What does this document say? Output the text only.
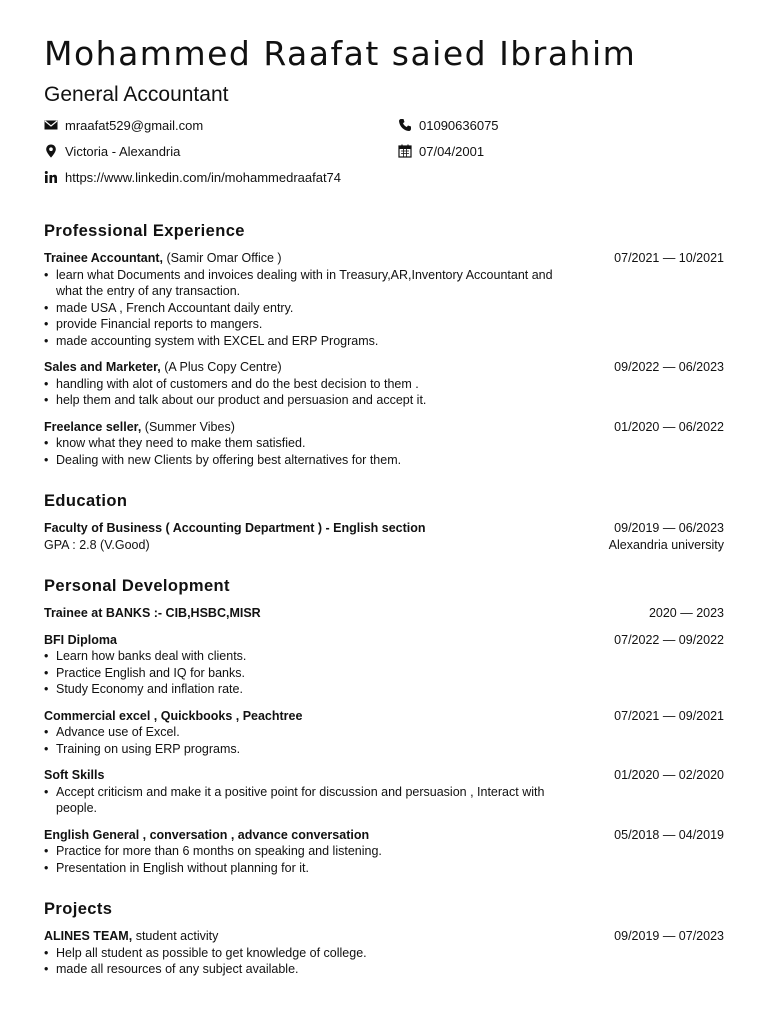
Mohammed Raafat saied Ibrahim
General Accountant
mraafat529@gmail.com	01090636075
Victoria - Alexandria	07/04/2001
https://www.linkedin.com/in/mohammedraafat74
Professional Experience
Trainee Accountant, (Samir Omar Office )	07/2021 — 10/2021
• learn what Documents and invoices dealing with in Treasury,AR,Inventory Accountant and what the entry of any transaction.
• made USA , French Accountant daily entry.
• provide Financial reports to mangers.
• made accounting system with EXCEL and ERP Programs.
Sales and Marketer, (A Plus Copy Centre)	09/2022 — 06/2023
• handling with alot of customers and do the best decision to them .
• help them and talk about our product and persuasion and accept it.
Freelance seller, (Summer Vibes)	01/2020 — 06/2022
• know what they need to make them satisfied.
• Dealing with new Clients by offering best alternatives for them.
Education
Faculty of Business ( Accounting Department ) - English section	09/2019 — 06/2023
GPA : 2.8 (V.Good)	Alexandria university
Personal Development
Trainee at BANKS :- CIB,HSBC,MISR	2020 — 2023
BFI Diploma	07/2022 — 09/2022
• Learn how banks deal with clients.
• Practice English and IQ for banks.
• Study Economy and inflation rate.
Commercial excel , Quickbooks , Peachtree	07/2021 — 09/2021
• Advance use of Excel.
• Training on using ERP programs.
Soft Skills	01/2020 — 02/2020
• Accept criticism and make it a positive point for discussion and persuasion , Interact with people.
English General , conversation , advance conversation	05/2018 — 04/2019
• Practice for more than 6 months on speaking and listening.
• Presentation in English without planning for it.
Projects
ALINES TEAM, student activity	09/2019 — 07/2023
• Help all student as possible to get knowledge of college.
• made all resources of any subject available.
